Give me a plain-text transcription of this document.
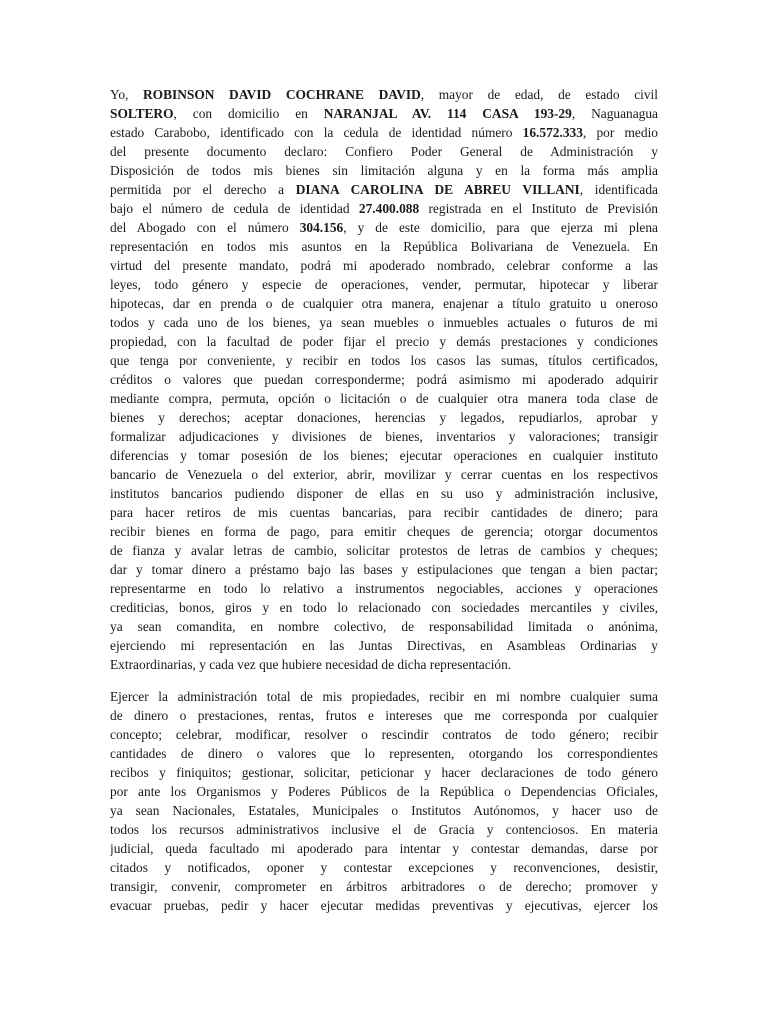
Yo, ROBINSON DAVID COCHRANE DAVID, mayor de edad, de estado civil
SOLTERO, con domicilio en NARANJAL AV. 114 CASA 193-29, Naguanagua
estado Carabobo, identificado con la cedula de identidad número 16.572.333, por medio
del presente documento declaro: Confiero Poder General de Administración y
Disposición de todos mis bienes sin limitación alguna y en la forma más amplia
permitida por el derecho a DIANA CAROLINA DE ABREU VILLANI, identificada
bajo el número de cedula de identidad 27.400.088 registrada en el Instituto de Previsión
del Abogado con el número 304.156, y de este domicilio, para que ejerza mi plena
representación en todos mis asuntos en la República Bolivariana de Venezuela. En
virtud del presente mandato, podrá mi apoderado nombrado, celebrar conforme a las
leyes, todo género y especie de operaciones, vender, permutar, hipotecar y liberar
hipotecas, dar en prenda o de cualquier otra manera, enajenar a título gratuito u oneroso
todos y cada uno de los bienes, ya sean muebles o inmuebles actuales o futuros de mi
propiedad, con la facultad de poder fijar el precio y demás prestaciones y condiciones
que tenga por conveniente, y recibir en todos los casos las sumas, títulos certificados,
créditos o valores que puedan corresponderme; podrá asimismo mi apoderado adquirir
mediante compra, permuta, opción o licitación o de cualquier otra manera toda clase de
bienes y derechos; aceptar donaciones, herencias y legados, repudiarlos, aprobar y
formalizar adjudicaciones y divisiones de bienes, inventarios y valoraciones; transigir
diferencias y tomar posesión de los bienes; ejecutar operaciones en cualquier instituto
bancario de Venezuela o del exterior, abrir, movilizar y cerrar cuentas en los respectivos
institutos bancarios pudiendo disponer de ellas en su uso y administración inclusive,
para hacer retiros de mis cuentas bancarias, para recibir cantidades de dinero; para
recibir bienes en forma de pago, para emitir cheques de gerencia; otorgar documentos
de fianza y avalar letras de cambio, solicitar protestos de letras de cambios y cheques;
dar y tomar dinero a préstamo bajo las bases y estipulaciones que tengan a bien pactar;
representarme en todo lo relativo a instrumentos negociables, acciones y operaciones
crediticias, bonos, giros y en todo lo relacionado con sociedades mercantiles y civiles,
ya sean comandita, en nombre colectivo, de responsabilidad limitada o anónima,
ejerciendo mi representación en las Juntas Directivas, en Asambleas Ordinarias y
Extraordinarias, y cada vez que hubiere necesidad de dicha representación.
Ejercer la administración total de mis propiedades, recibir en mi nombre cualquier suma
de dinero o prestaciones, rentas, frutos e intereses que me corresponda por cualquier
concepto; celebrar, modificar, resolver o rescindir contratos de todo género; recibir
cantidades de dinero o valores que lo representen, otorgando los correspondientes
recibos y finiquitos; gestionar, solicitar, peticionar y hacer declaraciones de todo género
por ante los Organismos y Poderes Públicos de la República o Dependencias Oficiales,
ya sean Nacionales, Estatales, Municipales o Institutos Autónomos, y hacer uso de
todos los recursos administrativos inclusive el de Gracia y contenciosos. En materia
judicial, queda facultado mi apoderado para intentar y contestar demandas, darse por
citados y notificados, oponer y contestar excepciones y reconvenciones, desistir,
transigir, convenir, comprometer en árbitros arbitradores o de derecho; promover y
evacuar pruebas, pedir y hacer ejecutar medidas preventivas y ejecutivas, ejercer los
